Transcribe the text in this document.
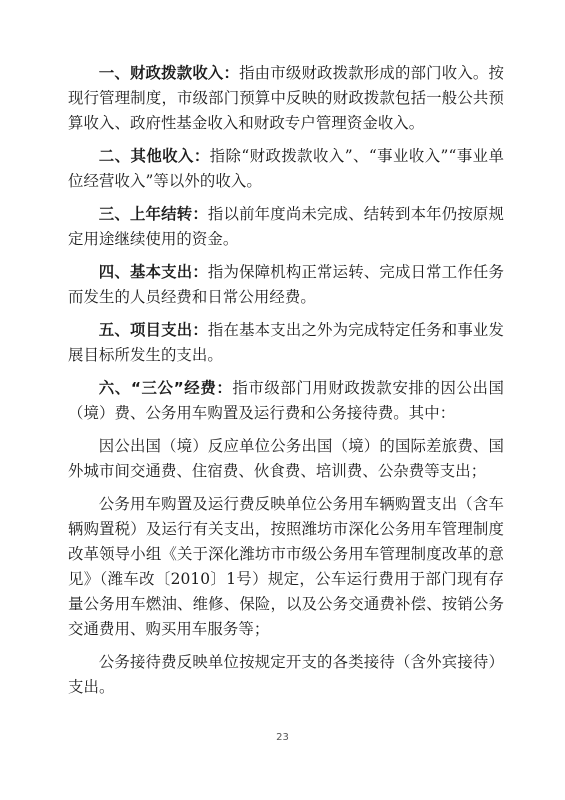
一、财政拨款收入：指由市级财政拨款形成的部门收入。按现行管理制度，市级部门预算中反映的财政拨款包括一般公共预算收入、政府性基金收入和财政专户管理资金收入。

二、其他收入：指除“财政拨款收入”、“事业收入”“事业单位经营收入”等以外的收入。

三、上年结转：指以前年度尚未完成、结转到本年仍按原规定用途继续使用的资金。

四、基本支出：指为保障机构正常运转、完成日常工作任务而发生的人员经费和日常公用经费。

五、项目支出：指在基本支出之外为完成特定任务和事业发展目标所发生的支出。

六、“三公”经费：指市级部门用财政拨款安排的因公出国（境）费、公务用车购置及运行费和公务接待费。其中：

因公出国（境）反应单位公务出国（境）的国际差旅费、国外城市间交通费、住宿费、伙食费、培训费、公杂费等支出；

公务用车购置及运行费反映单位公务用车辆购置支出（含车辆购置税）及运行有关支出，按照潍坊市深化公务用车管理制度改革领导小组《关于深化潍坊市市级公务用车管理制度改革的意见》（潍车改〔2010〕1号）规定，公车运行费用于部门现有存量公务用车燃油、维修、保险，以及公务交通费补偿、按销公务交通费用、购买用车服务等；

公务接待费反映单位按规定开支的各类接待（含外宾接待）支出。

23
